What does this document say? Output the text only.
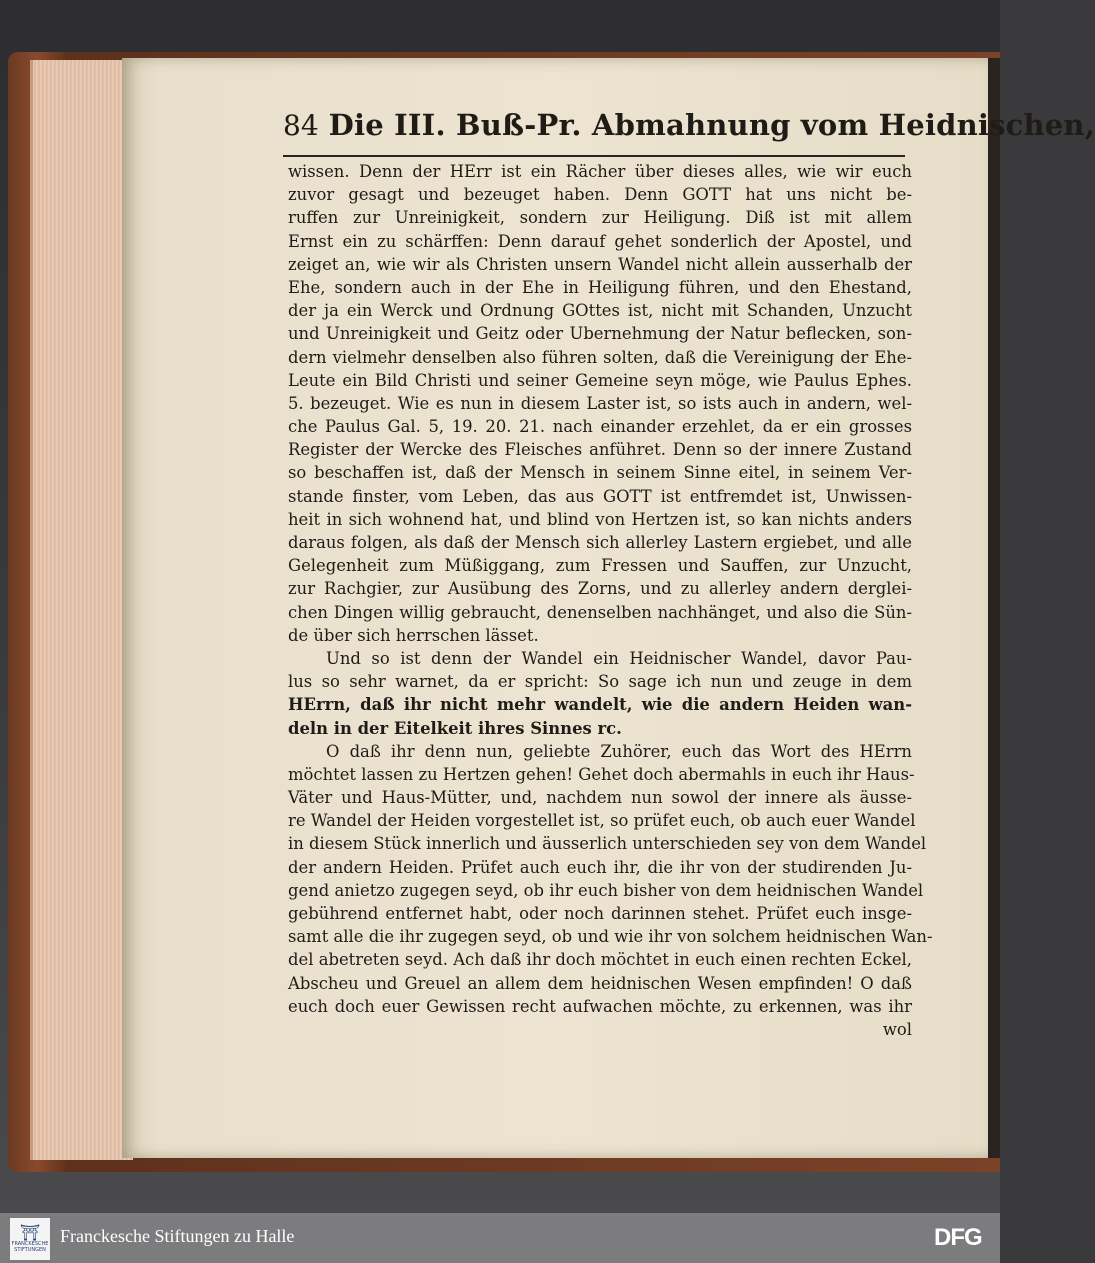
84 Die III. Buß-Pr. Abmahnung vom Heidnischen,
wissen. Denn der HErr ist ein Rächer über dieses alles, wie wir euch
zuvor gesagt und bezeuget haben. Denn GOTT hat uns nicht be-
ruffen zur Unreinigkeit, sondern zur Heiligung. Diß ist mit allem
Ernst ein zu schärffen: Denn darauf gehet sonderlich der Apostel, und
zeiget an, wie wir als Christen unsern Wandel nicht allein ausserhalb der
Ehe, sondern auch in der Ehe in Heiligung führen, und den Ehestand,
der ja ein Werck und Ordnung GOttes ist, nicht mit Schanden, Unzucht
und Unreinigkeit und Geitz oder Ubernehmung der Natur beflecken, son-
dern vielmehr denselben also führen solten, daß die Vereinigung der Ehe-
Leute ein Bild Christi und seiner Gemeine seyn möge, wie Paulus Ephes.
5. bezeuget. Wie es nun in diesem Laster ist, so ists auch in andern, wel-
che Paulus Gal. 5, 19. 20. 21. nach einander erzehlet, da er ein grosses
Register der Wercke des Fleisches anführet. Denn so der innere Zustand
so beschaffen ist, daß der Mensch in seinem Sinne eitel, in seinem Ver-
stande finster, vom Leben, das aus GOTT ist entfremdet ist, Unwissen-
heit in sich wohnend hat, und blind von Hertzen ist, so kan nichts anders
daraus folgen, als daß der Mensch sich allerley Lastern ergiebet, und alle
Gelegenheit zum Müßiggang, zum Fressen und Sauffen, zur Unzucht,
zur Rachgier, zur Ausübung des Zorns, und zu allerley andern derglei-
chen Dingen willig gebraucht, denenselben nachhänget, und also die Sün-
de über sich herrschen lässet.
Und so ist denn der Wandel ein Heidnischer Wandel, davor Pau-
lus so sehr warnet, da er spricht: So sage ich nun und zeuge in dem
HErrn, daß ihr nicht mehr wandelt, wie die andern Heiden wan-
deln in der Eitelkeit ihres Sinnes rc.
O daß ihr denn nun, geliebte Zuhörer, euch das Wort des HErrn
möchtet lassen zu Hertzen gehen! Gehet doch abermahls in euch ihr Haus-
Väter und Haus-Mütter, und, nachdem nun sowol der innere als äusse-
re Wandel der Heiden vorgestellet ist, so prüfet euch, ob auch euer Wandel
in diesem Stück innerlich und äusserlich unterschieden sey von dem Wandel
der andern Heiden. Prüfet auch euch ihr, die ihr von der studirenden Ju-
gend anietzo zugegen seyd, ob ihr euch bisher von dem heidnischen Wandel
gebührend entfernet habt, oder noch darinnen stehet. Prüfet euch insge-
samt alle die ihr zugegen seyd, ob und wie ihr von solchem heidnischen Wan-
del abetreten seyd. Ach daß ihr doch möchtet in euch einen rechten Eckel,
Abscheu und Greuel an allem dem heidnischen Wesen empfinden! O daß
euch doch euer Gewissen recht aufwachen möchte, zu erkennen, was ihr
wol
⛩
FRANCKESCHE STIFTUNGEN
Franckesche Stiftungen zu Halle	DFG
